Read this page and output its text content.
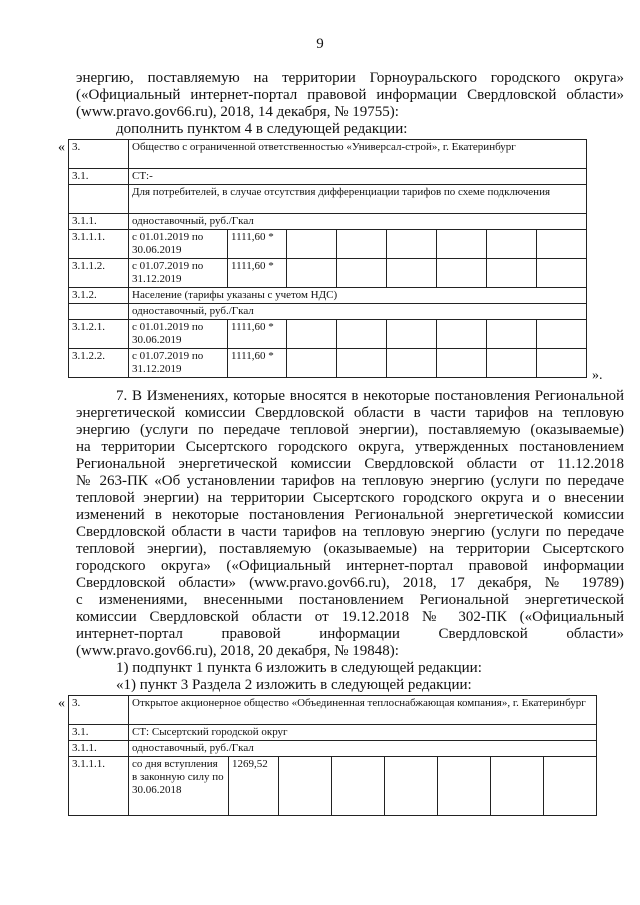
9
энергию, поставляемую на территории Горноуральского городского округа»
(«Официальный интернет-портал правовой информации Свердловской области»
(www.pravo.gov66.ru), 2018, 14 декабря, № 19755):
дополнить пунктом 4 в следующей редакции:
« 3.	Общество с ограниченной ответственностью «Универсал-строй», г. Екатеринбург							
3.1.	СТ:-							
	Для потребителей, в случае отсутствия дифференциации тарифов по схеме подключения							
3.1.1.	одноставочный, руб./Гкал							
3.1.1.1.	с 01.01.2019 по 30.06.2019	1111,60 *						
3.1.1.2.	с 01.07.2019 по 31.12.2019	1111,60 *						
3.1.2.	Население (тарифы указаны с учетом НДС)							
	одноставочный, руб./Гкал							
3.1.2.1.	с 01.01.2019 по 30.06.2019	1111,60 *						
3.1.2.2.	с 01.07.2019 по 31.12.2019	1111,60 *						
».
7. В Изменениях, которые вносятся в некоторые постановления Региональной
энергетической комиссии Свердловской области в части тарифов на тепловую
энергию (услуги по передаче тепловой энергии), поставляемую (оказываемые)
на территории Сысертского городского округа, утвержденных постановлением
Региональной энергетической комиссии Свердловской области от 11.12.2018
№ 263-ПК «Об установлении тарифов на тепловую энергию (услуги по передаче
тепловой энергии) на территории Сысертского городского округа и о внесении
изменений в некоторые постановления Региональной энергетической комиссии
Свердловской области в части тарифов на тепловую энергию (услуги по передаче
тепловой энергии), поставляемую (оказываемые) на территории Сысертского
городского округа» («Официальный интернет-портал правовой информации
Свердловской области» (www.pravo.gov66.ru), 2018, 17 декабря, № 19789)
с изменениями, внесенными постановлением Региональной энергетической
комиссии Свердловской области от 19.12.2018 № 302-ПК («Официальный
интернет-портал правовой информации Свердловской области»
(www.pravo.gov66.ru), 2018, 20 декабря, № 19848):
1) подпункт 1 пункта 6 изложить в следующей редакции:
«1) пункт 3 Раздела 2 изложить в следующей редакции:
« 3.	Открытое акционерное общество «Объединенная теплоснабжающая компания», г. Екатеринбург							
3.1.	СТ: Сысертский городской округ							
3.1.1.	одноставочный, руб./Гкал							
3.1.1.1.	со дня вступления в законную силу по 30.06.2018	1269,52						
